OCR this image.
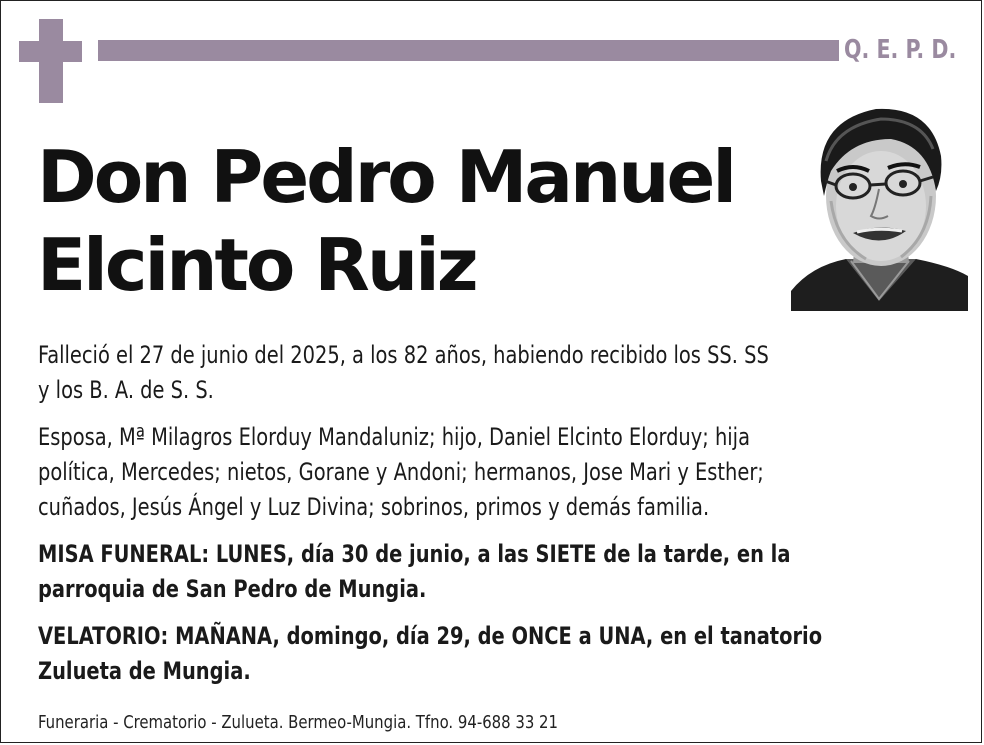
Q. E. P. D.
Don Pedro Manuel
Elcinto Ruiz
Falleció el 27 de junio del 2025, a los 82 años, habiendo recibido los SS. SS
y los B. A. de S. S.
Esposa, Mª Milagros Elorduy Mandaluniz; hijo, Daniel Elcinto Elorduy; hija
política, Mercedes; nietos, Gorane y Andoni; hermanos, Jose Mari y Esther;
cuñados, Jesús Ángel y Luz Divina; sobrinos, primos y demás familia.
MISA FUNERAL: LUNES, día 30 de junio, a las SIETE de la tarde, en la
parroquia de San Pedro de Mungia.
VELATORIO: MAÑANA, domingo, día 29, de ONCE a UNA, en el tanatorio
Zulueta de Mungia.
Funeraria - Crematorio - Zulueta. Bermeo-Mungia. Tfno. 94-688 33 21
